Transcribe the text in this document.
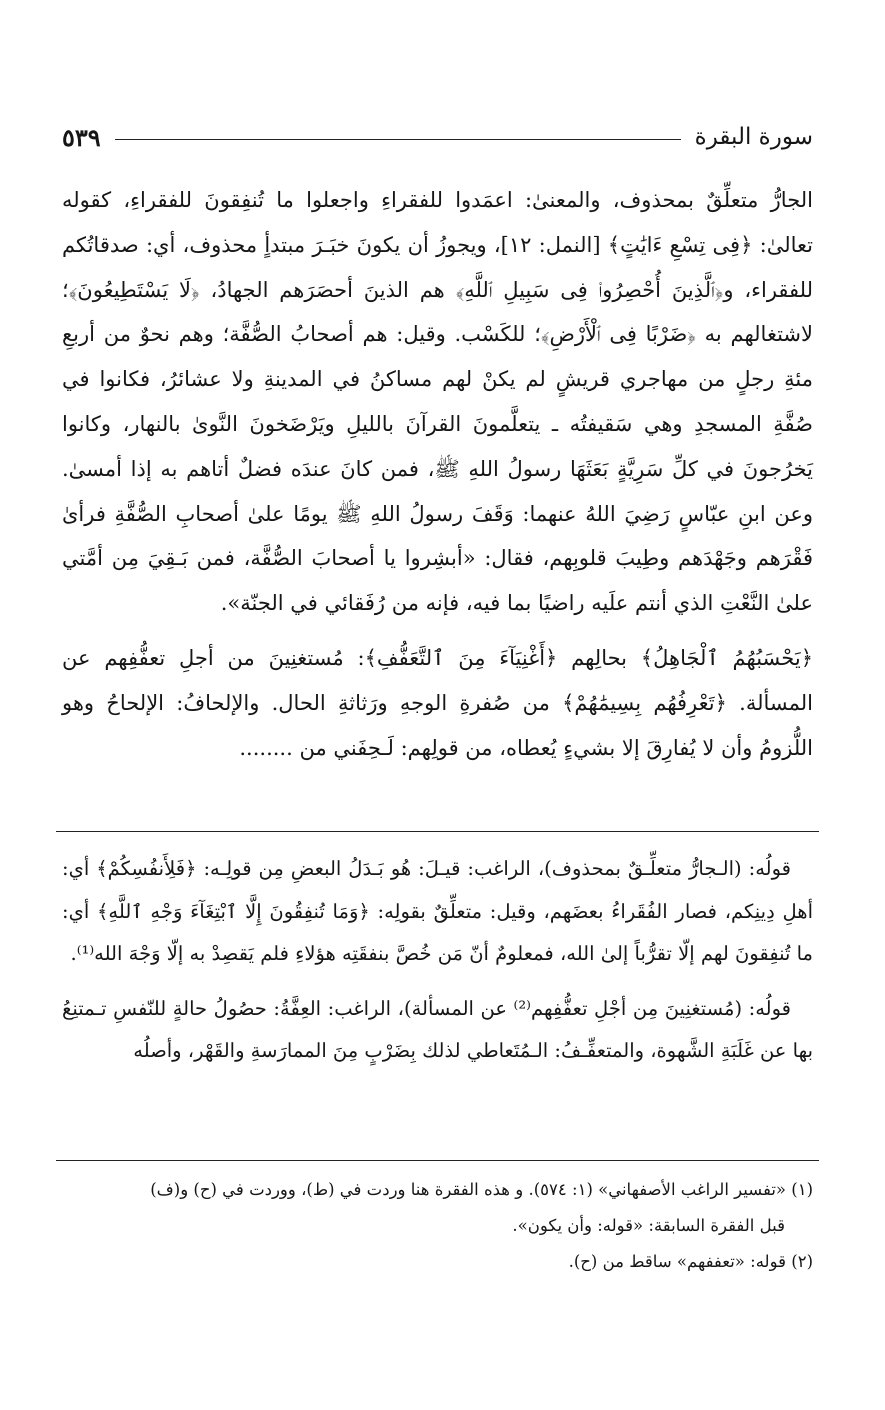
سورة البقرة
٥٣٩

الجارُّ متعلِّقٌ بمحذوف، والمعنىٰ: اعمَدوا للفقراءِ واجعلوا ما تُنفِقونَ للفقراءِ، كقوله تعالىٰ: ﴿فِى تِسْعِ ءَايَٰتٍ﴾ [النمل: ١٢]، ويجوزُ أن يكونَ خبَـرَ مبتدأٍ محذوف، أي: صدقاتُكم للفقراء، و﴿ٱلَّذِينَ أُحْصِرُوا۟ فِى سَبِيلِ ٱللَّهِ﴾ هم الذينَ أحصَرَهم الجهادُ، ﴿لَا يَسْتَطِيعُونَ﴾؛ لاشتغالهم به ﴿ضَرْبًا فِى ٱلْأَرْضِ﴾؛ للكَسْب. وقيل: هم أصحابُ الصُّفَّة؛ وهم نحوٌ من أربعِ مئةِ رجلٍ من مهاجري قريشٍ لم يكنْ لهم مساكنُ في المدينةِ ولا عشائرُ، فكانوا في صُفَّةِ المسجدِ وهي سَقيفتُه ـ يتعلَّمونَ القرآنَ بالليلِ ويَرْضَخونَ النَّوىٰ بالنهار، وكانوا يَخرُجونَ في كلِّ سَرِيَّةٍ بَعَثَهَا رسولُ اللهِ ﷺ، فمن كانَ عندَه فضلٌ أتاهم به إذا أمسىٰ. وعن ابنِ عبّاسٍ رَضِيَ اللهُ عنهما: وَقَفَ رسولُ اللهِ ﷺ يومًا علىٰ أصحابِ الصُّفَّةِ فرأىٰ فَقْرَهم وجَهْدَهم وطِيبَ قلوبِهم، فقال: «أبشِروا يا أصحابَ الصُّفَّة، فمن بَـقِيَ مِن أمَّتي علىٰ النَّعْتِ الذي أنتم علَيه راضيًا بما فيه، فإنه من رُفَقائي في الجنّة».

﴿يَحْسَبُهُمُ ٱلْجَاهِلُ﴾ بحالِهم ﴿أَغْنِيَآءَ مِنَ ٱلتَّعَفُّفِ﴾: مُستغنِينَ من أجلِ تعفُّفِهم عن المسألة. ﴿تَعْرِفُهُم بِسِيمَٰهُمْ﴾ من صُفرةِ الوجهِ ورَثاثةِ الحال. والإلحافُ: الإلحاحُ وهو اللُّزومُ وأن لا يُفارِقَ إلا بشيءٍ يُعطاه، من قولِهم: لَـحِفَني من ........

قولُه: (الـجارُّ متعلِّـقٌ بمحذوف)، الراغب: قيـلَ: هُو بَـدَلُ البعضِ مِن قولِـه: ﴿فَلِأَنفُسِكُمْ﴾ أي: أهلِ دِينِكم، فصار الفُقَراءُ بعضَهم، وقيل: متعلِّقٌ بقولِه: ﴿وَمَا تُنفِقُونَ إِلَّا ٱبْتِغَآءَ وَجْهِ ٱللَّهِ﴾ أي: ما تُنفِقونَ لهم إلّا تقرُّباً إلىٰ الله، فمعلومٌ أنّ مَن خُصَّ بنفقَتِه هؤلاءِ فلم يَقصِدْ به إلّا وَجْهَ الله⁽¹⁾.

قولُه: (مُستغنِينَ مِن أجْلِ تعفُّفِهم⁽²⁾ عن المسألة)، الراغب: العِفَّةُ: حصُولُ حالةٍ للنّفسِ تـمتنِعُ بها عن غَلَبَةِ الشَّهوة، والمتعفِّـفُ: الـمُتَعاطي لذلك بِضَرْبٍ مِنَ الممارَسةِ والقَهْر، وأصلُه

(١) «تفسير الراغب الأصفهاني» (١: ٥٧٤). و هذه الفقرة هنا وردت في (ط)، ووردت في (ح) و(ف)

قبل الفقرة السابقة: «قوله: وأن يكون».

(٢) قوله: «تعففهم» ساقط من (ح).
